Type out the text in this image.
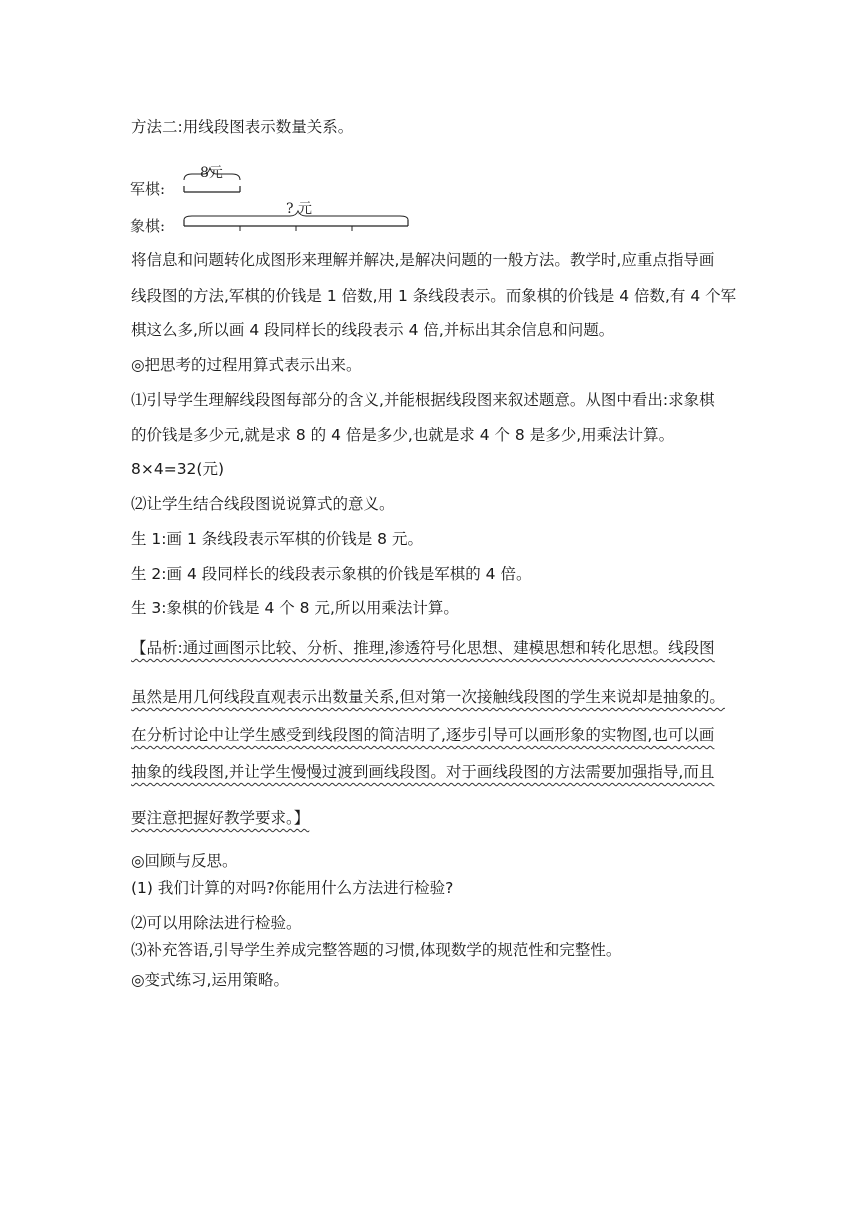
方法二:用线段图表示数量关系。
军棋:
8元
象棋:
? 元
将信息和问题转化成图形来理解并解决,是解决问题的一般方法。教学时,应重点指导画
线段图的方法,军棋的价钱是 1 倍数,用 1 条线段表示。而象棋的价钱是 4 倍数,有 4 个军
棋这么多,所以画 4 段同样长的线段表示 4 倍,并标出其余信息和问题。
◎把思考的过程用算式表示出来。
⑴引导学生理解线段图每部分的含义,并能根据线段图来叙述题意。从图中看出:求象棋
的价钱是多少元,就是求 8 的 4 倍是多少,也就是求 4 个 8 是多少,用乘法计算。
8×4=32(元)
⑵让学生结合线段图说说算式的意义。
生 1:画 1 条线段表示军棋的价钱是 8 元。
生 2:画 4 段同样长的线段表示象棋的价钱是军棋的 4 倍。
生 3:象棋的价钱是 4 个 8 元,所以用乘法计算。
【品析:通过画图示比较、分析、推理,渗透符号化思想、建模思想和转化思想。线段图
虽然是用几何线段直观表示出数量关系,但对第一次接触线段图的学生来说却是抽象的。
在分析讨论中让学生感受到线段图的简洁明了,逐步引导可以画形象的实物图,也可以画
抽象的线段图,并让学生慢慢过渡到画线段图。对于画线段图的方法需要加强指导,而且
要注意把握好教学要求。】
◎回顾与反思。
(1) 我们计算的对吗?你能用什么方法进行检验?
⑵可以用除法进行检验。
⑶补充答语,引导学生养成完整答题的习惯,体现数学的规范性和完整性。
◎变式练习,运用策略。
